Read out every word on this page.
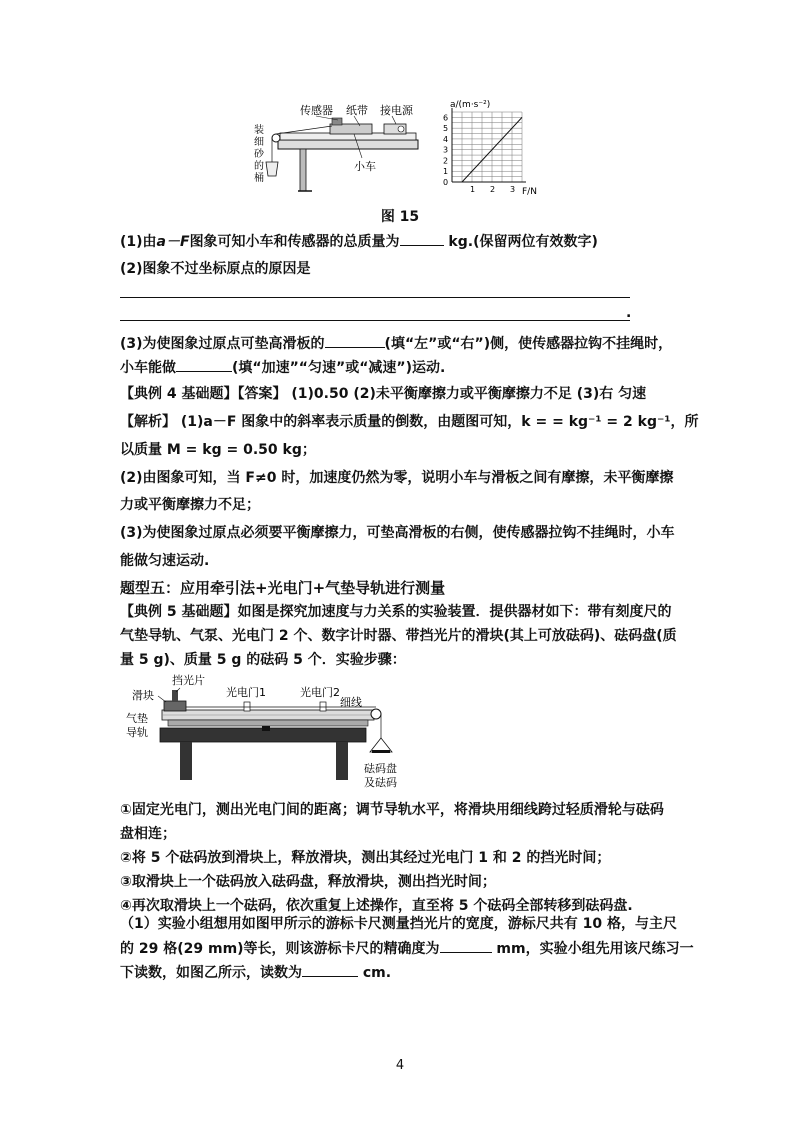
传感器 纸带 接电源
小车
装
细
砂
的
桶
a/(m·s⁻²)
F/N
6
5
4
3
2
1
0
1 2 3
图 15
(1)由a－F图象可知小车和传感器的总质量为	kg.(保留两位有效数字)
(2)图象不过坐标原点的原因是
.
(3)为使图象过原点可垫高滑板的	(填“左”或“右”)侧，使传感器拉钩不挂绳时，
小车能做	(填“加速”“匀速”或“减速”)运动.
【典例 4 基础题】【答案】 (1)0.50 (2)未平衡摩擦力或平衡摩擦力不足 (3)右 匀速
【解析】 (1)a－F 图象中的斜率表示质量的倒数，由题图可知，k = = kg⁻¹ = 2 kg⁻¹，所
以质量 M = kg = 0.50 kg；
(2)由图象可知，当 F≠0 时，加速度仍然为零，说明小车与滑板之间有摩擦，未平衡摩擦
力或平衡摩擦力不足；
(3)为使图象过原点必须要平衡摩擦力，可垫高滑板的右侧，使传感器拉钩不挂绳时，小车
能做匀速运动.
题型五：应用牵引法+光电门+气垫导轨进行测量
【典例 5 基础题】如图是探究加速度与力关系的实验装置．提供器材如下：带有刻度尺的
气垫导轨、气泵、光电门 2 个、数字计时器、带挡光片的滑块(其上可放砝码)、砝码盘(质
量 5 g)、质量 5 g 的砝码 5 个．实验步骤：
挡光片
滑块	光电门1	光电门2
细线
气垫
导轨
砝码盘
及砝码
①固定光电门，测出光电门间的距离；调节导轨水平，将滑块用细线跨过轻质滑轮与砝码
盘相连；
②将 5 个砝码放到滑块上，释放滑块，测出其经过光电门 1 和 2 的挡光时间；
③取滑块上一个砝码放入砝码盘，释放滑块，测出挡光时间；
④再次取滑块上一个砝码，依次重复上述操作，直至将 5 个砝码全部转移到砝码盘.
（1）实验小组想用如图甲所示的游标卡尺测量挡光片的宽度，游标尺共有 10 格，与主尺
的 29 格(29 mm)等长，则该游标卡尺的精确度为	mm，实验小组先用该尺练习一
下读数，如图乙所示，读数为	cm.
4
